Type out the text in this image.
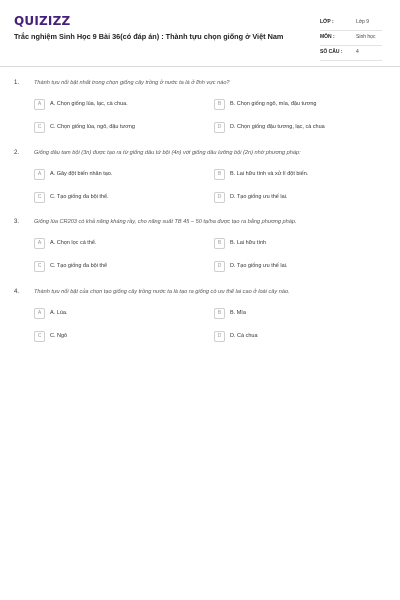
QUIZIZZ
Trắc nghiệm Sinh Học 9 Bài 36(có đáp án) : Thành tựu chọn giống ở Việt Nam
LỚP :	Lớp 9
MÔN :	Sinh học
SỐ CÂU :	4
1.	Thành tựu nổi bật nhất trong chọn giống cây trồng ở nước ta là ở lĩnh vực nào?
A	A. Chọn giống lúa, lạc, cà chua.	B	B. Chọn giống ngô, mía, đậu tương
C	C. Chọn giống lúa, ngô, đậu tương	D	D. Chọn giống đậu tương, lạc, cà chua
2.	Giống dâu tam bội (3n) được tạo ra từ giống dâu tứ bội (4n) với giống dâu lưỡng bội (2n) nhờ phương pháp:
A	A. Gây đột biến nhân tạo.	B	B. Lai hữu tính và xử lí đột biến.
C	C. Tạo giống đa bội thể.	D	D. Tạo giống ưu thế lai.
3.	Giống lúa CR203 có khả năng kháng rầy, cho năng suất TB 45 – 50 tạ/ha được tạo ra bằng phương pháp.
A	A. Chọn lọc cá thể.	B	B. Lai hữu tính
C	C. Tạo giống đa bội thể	D	D. Tạo giống ưu thế lai.
4.	Thành tựu nổi bật của chọn tạo giống cây trồng nước ta là tạo ra giống có ưu thế lai cao ở loài cây nào.
A	A. Lúa.	B	B. Mía
C	C. Ngô	D	D. Cà chua
